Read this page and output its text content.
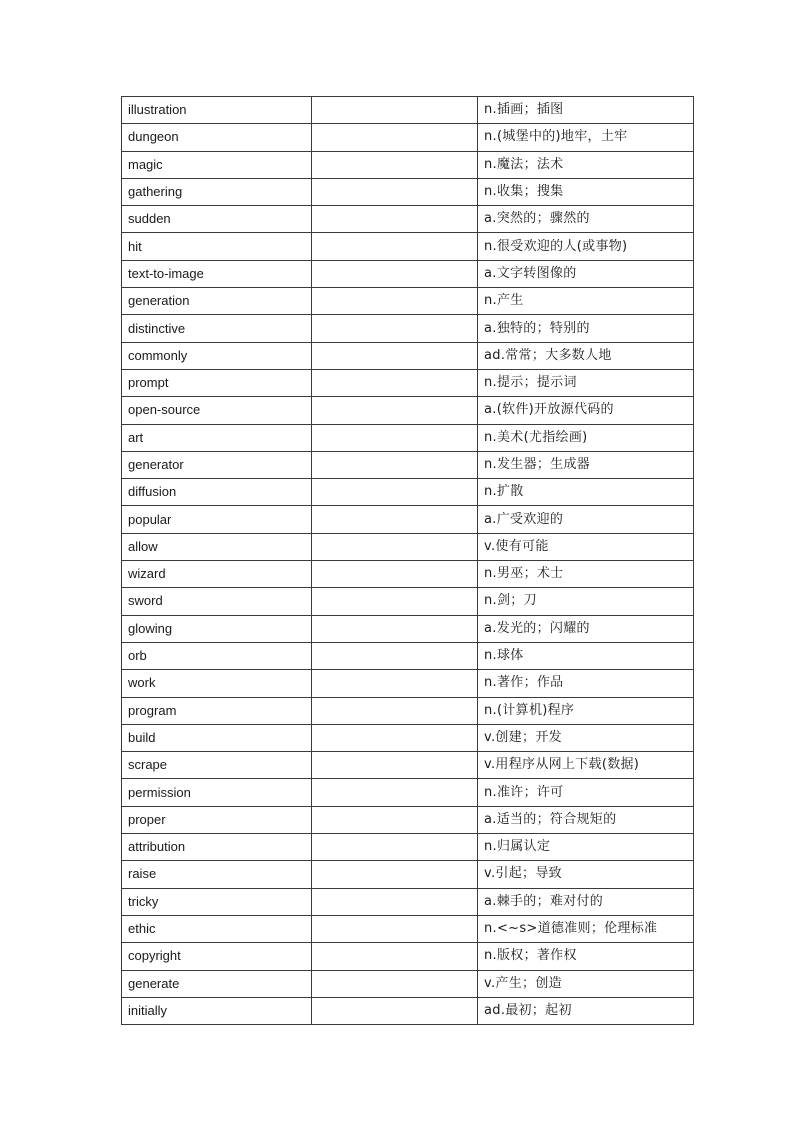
illustration		n.插画；插图
dungeon		n.(城堡中的)地牢，土牢
magic		n.魔法；法术
gathering		n.收集；搜集
sudden		a.突然的；骤然的
hit		n.很受欢迎的人(或事物)
text-to-image		a.文字转图像的
generation		n.产生
distinctive		a.独特的；特别的
commonly		ad.常常；大多数人地
prompt		n.提示；提示词
open-source		a.(软件)开放源代码的
art		n.美术(尤指绘画)
generator		n.发生器；生成器
diffusion		n.扩散
popular		a.广受欢迎的
allow		v.使有可能
wizard		n.男巫；术士
sword		n.剑；刀
glowing		a.发光的；闪耀的
orb		n.球体
work		n.著作；作品
program		n.(计算机)程序
build		v.创建；开发
scrape		v.用程序从网上下载(数据)
permission		n.准许；许可
proper		a.适当的；符合规矩的
attribution		n.归属认定
raise		v.引起；导致
tricky		a.棘手的；难对付的
ethic		n.<~s>道德准则；伦理标准
copyright		n.版权；著作权
generate		v.产生；创造
initially		ad.最初；起初
